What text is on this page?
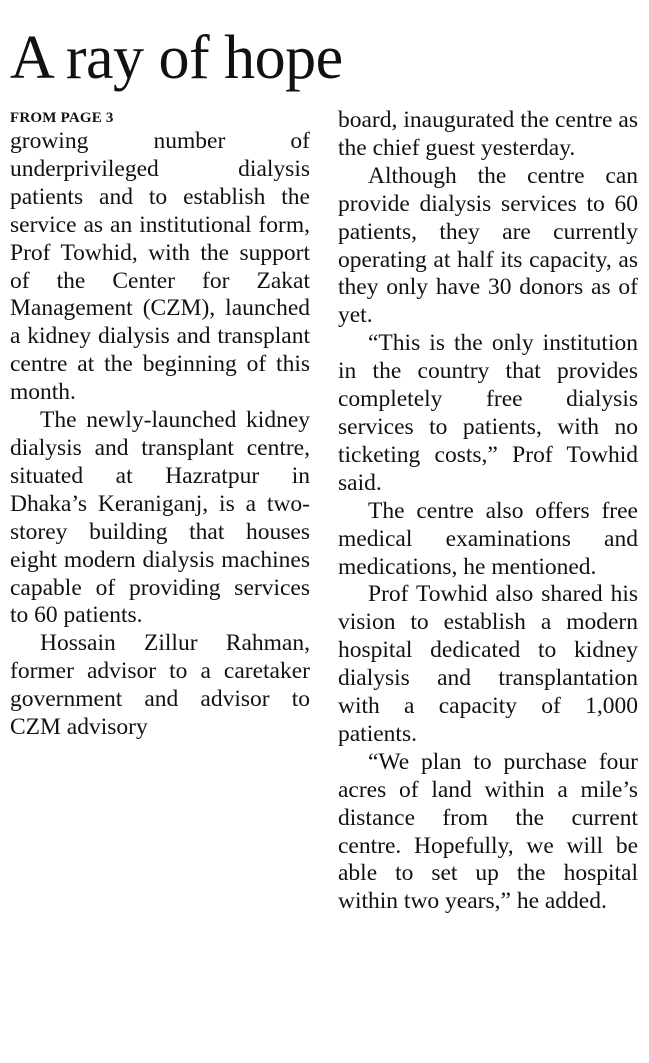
A ray of hope
FROM PAGE 3

growing number of underprivileged dialysis patients and to establish the service as an institutional form, Prof Towhid, with the support of the Center for Zakat Management (CZM), launched a kidney dialysis and transplant centre at the beginning of this month.

The newly-launched kidney dialysis and transplant centre, situated at Hazratpur in Dhaka’s Keraniganj, is a two-storey building that houses eight modern dialysis machines capable of providing services to 60 patients.

Hossain Zillur Rahman, former advisor to a caretaker government and advisor to CZM advisory

board, inaugurated the centre as the chief guest yesterday.

Although the centre can provide dialysis services to 60 patients, they are currently operating at half its capacity, as they only have 30 donors as of yet.

“This is the only institution in the country that provides completely free dialysis services to patients, with no ticketing costs,” Prof Towhid said.

The centre also offers free medical examinations and medications, he mentioned.

Prof Towhid also shared his vision to establish a modern hospital dedicated to kidney dialysis and transplantation with a capacity of 1,000 patients.

“We plan to purchase four acres of land within a mile’s distance from the current centre. Hopefully, we will be able to set up the hospital within two years,” he added.
